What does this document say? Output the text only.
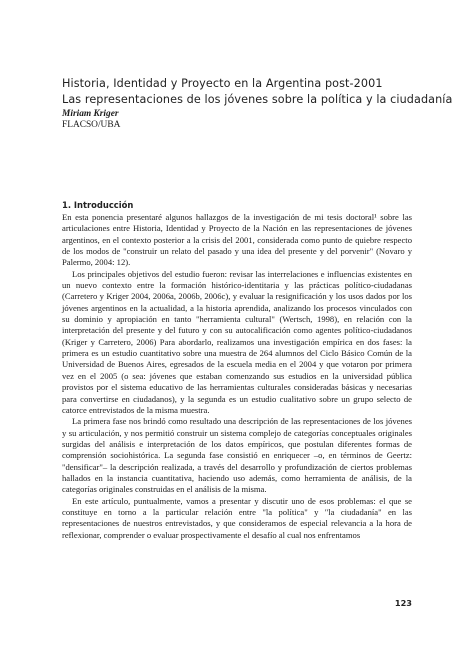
Historia, Identidad y Proyecto en la Argentina post-2001
Las representaciones de los jóvenes sobre la política y la ciudadanía
Miriam Kriger
FLACSO/UBA
1. Introducción

En esta ponencia presentaré algunos hallazgos de la investigación de mi tesis doctoral¹ sobre las articulaciones entre Historia, Identidad y Proyecto de la Nación en las representaciones de jóvenes argentinos, en el contexto posterior a la crisis del 2001, considerada como punto de quiebre respecto de los modos de "construir un relato del pasado y una idea del presente y del porvenir" (Novaro y Palermo, 2004: 12).

Los principales objetivos del estudio fueron: revisar las interrelaciones e influencias existentes en un nuevo contexto entre la formación histórico-identitaria y las prácticas político-ciudadanas (Carretero y Kriger 2004, 2006a, 2006b, 2006c), y evaluar la resignificación y los usos dados por los jóvenes argentinos en la actualidad, a la historia aprendida, analizando los procesos vinculados con su dominio y apropiación en tanto "herramienta cultural" (Wertsch, 1998), en relación con la interpretación del presente y del futuro y con su autocalificación como agentes político-ciudadanos (Kriger y Carretero, 2006) Para abordarlo, realizamos una investigación empírica en dos fases: la primera es un estudio cuantitativo sobre una muestra de 264 alumnos del Ciclo Básico Común de la Universidad de Buenos Aires, egresados de la escuela media en el 2004 y que votaron por primera vez en el 2005 (o sea: jóvenes que estaban comenzando sus estudios en la universidad pública provistos por el sistema educativo de las herramientas culturales consideradas básicas y necesarias para convertirse en ciudadanos), y la segunda es un estudio cualitativo sobre un grupo selecto de catorce entrevistados de la misma muestra.

La primera fase nos brindó como resultado una descripción de las representaciones de los jóvenes y su articulación, y nos permitió construir un sistema complejo de categorías conceptuales originales surgidas del análisis e interpretación de los datos empíricos, que postulan diferentes formas de comprensión sociohistórica. La segunda fase consistió en enriquecer –o, en términos de Geertz: "densificar"– la descripción realizada, a través del desarrollo y profundización de ciertos problemas hallados en la instancia cuantitativa, haciendo uso además, como herramienta de análisis, de la categorías originales construidas en el análisis de la misma.

En este artículo, puntualmente, vamos a presentar y discutir uno de esos problemas: el que se constituye en torno a la particular relación entre "la política" y "la ciudadanía" en las representaciones de nuestros entrevistados, y que consideramos de especial relevancia a la hora de reflexionar, comprender o evaluar prospectivamente el desafío al cual nos enfrentamos

123
